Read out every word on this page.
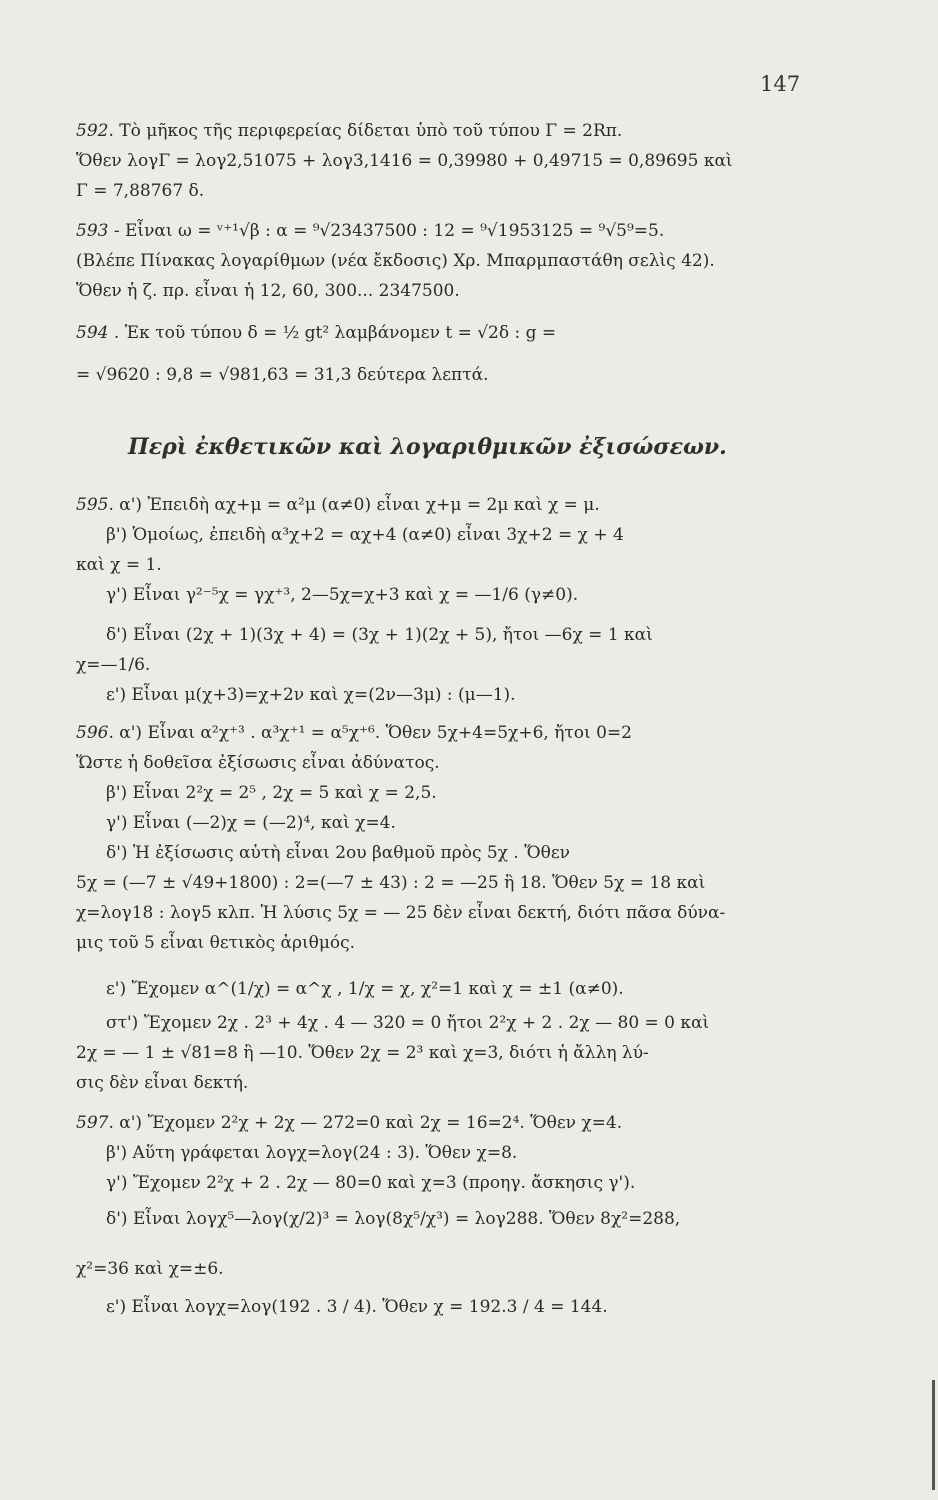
147
592. Τὸ μῆκος τῆς περιφερείας δίδεται ὑπὸ τοῦ τύπου Γ = 2Rπ.
Ὅθεν λογΓ = λογ2,51075 + λογ3,1416 = 0,39980 + 0,49715 = 0,89695 καὶ
Γ = 7,88767 δ.
593 - Εἶναι ω = ᵛ⁺¹√β : α = ⁹√23437500 : 12 = ⁹√1953125 = ⁹√5⁹=5.
(Βλέπε Πίνακας λογαρίθμων (νέα ἔκδοσις) Χρ. Μπαρμπαστάθη σελὶς 42).
Ὅθεν ἡ ζ. πρ. εἶναι ἡ 12, 60, 300... 2347500.
594 . Ἐκ τοῦ τύπου δ = ½ gt² λαμβάνομεν t = √2δ : g =
= √9620 : 9,8 = √981,63 = 31,3 δεύτερα λεπτά.
595. α') Ἐπειδὴ αχ+μ = α²μ (α≠0) εἶναι χ+μ = 2μ καὶ χ = μ.
β') Ὁμοίως, ἐπειδὴ α³χ+2 = αχ+4 (α≠0) εἶναι 3χ+2 = χ + 4
καὶ χ = 1.
γ') Εἶναι γ²⁻⁵χ = γχ⁺³, 2—5χ=χ+3 καὶ χ = —1/6 (γ≠0).
δ') Εἶναι (2χ + 1)(3χ + 4) = (3χ + 1)(2χ + 5), ἤτοι —6χ = 1 καὶ
χ=—1/6.
ε') Εἶναι μ(χ+3)=χ+2ν καὶ χ=(2ν—3μ) : (μ—1).
596. α') Εἶναι α²χ⁺³ . α³χ⁺¹ = α⁵χ⁺⁶. Ὅθεν 5χ+4=5χ+6, ἤτοι 0=2
Ὥστε ἡ δοθεῖσα ἐξίσωσις εἶναι ἀδύνατος.
β') Εἶναι 2²χ = 2⁵ , 2χ = 5 καὶ χ = 2,5.
γ') Εἶναι (—2)χ = (—2)⁴, καὶ χ=4.
δ') Ἡ ἐξίσωσις αὐτὴ εἶναι 2ου βαθμοῦ πρὸς 5χ . Ὅθεν
5χ = (—7 ± √49+1800) : 2=(—7 ± 43) : 2 = —25 ἢ 18. Ὅθεν 5χ = 18 καὶ
χ=λογ18 : λογ5 κλπ. Ἡ λύσις 5χ = — 25 δὲν εἶναι δεκτή, διότι πᾶσα δύνα-
μις τοῦ 5 εἶναι θετικὸς ἀριθμός.
ε') Ἔχομεν α^(1/χ) = α^χ , 1/χ = χ, χ²=1 καὶ χ = ±1 (α≠0).
στ') Ἔχομεν 2χ . 2³ + 4χ . 4 — 320 = 0 ἤτοι 2²χ + 2 . 2χ — 80 = 0 καὶ
2χ = — 1 ± √81=8 ἢ —10. Ὅθεν 2χ = 2³ καὶ χ=3, διότι ἡ ἄλλη λύ-
σις δὲν εἶναι δεκτή.
597. α') Ἔχομεν 2²χ + 2χ — 272=0 καὶ 2χ = 16=2⁴. Ὅθεν χ=4.
β') Αὕτη γράφεται λογχ=λογ(24 : 3). Ὅθεν χ=8.
γ') Ἔχομεν 2²χ + 2 . 2χ — 80=0 καὶ χ=3 (προηγ. ἄσκησις γ').
δ') Εἶναι λογχ⁵—λογ(χ/2)³ = λογ(8χ⁵/χ³) = λογ288. Ὅθεν 8χ²=288,
χ²=36 καὶ χ=±6.
ε') Εἶναι λογχ=λογ(192 . 3 / 4). Ὅθεν χ = 192.3 / 4 = 144.
Περὶ ἐκθετικῶν καὶ λογαριθμικῶν ἐξισώσεων.
